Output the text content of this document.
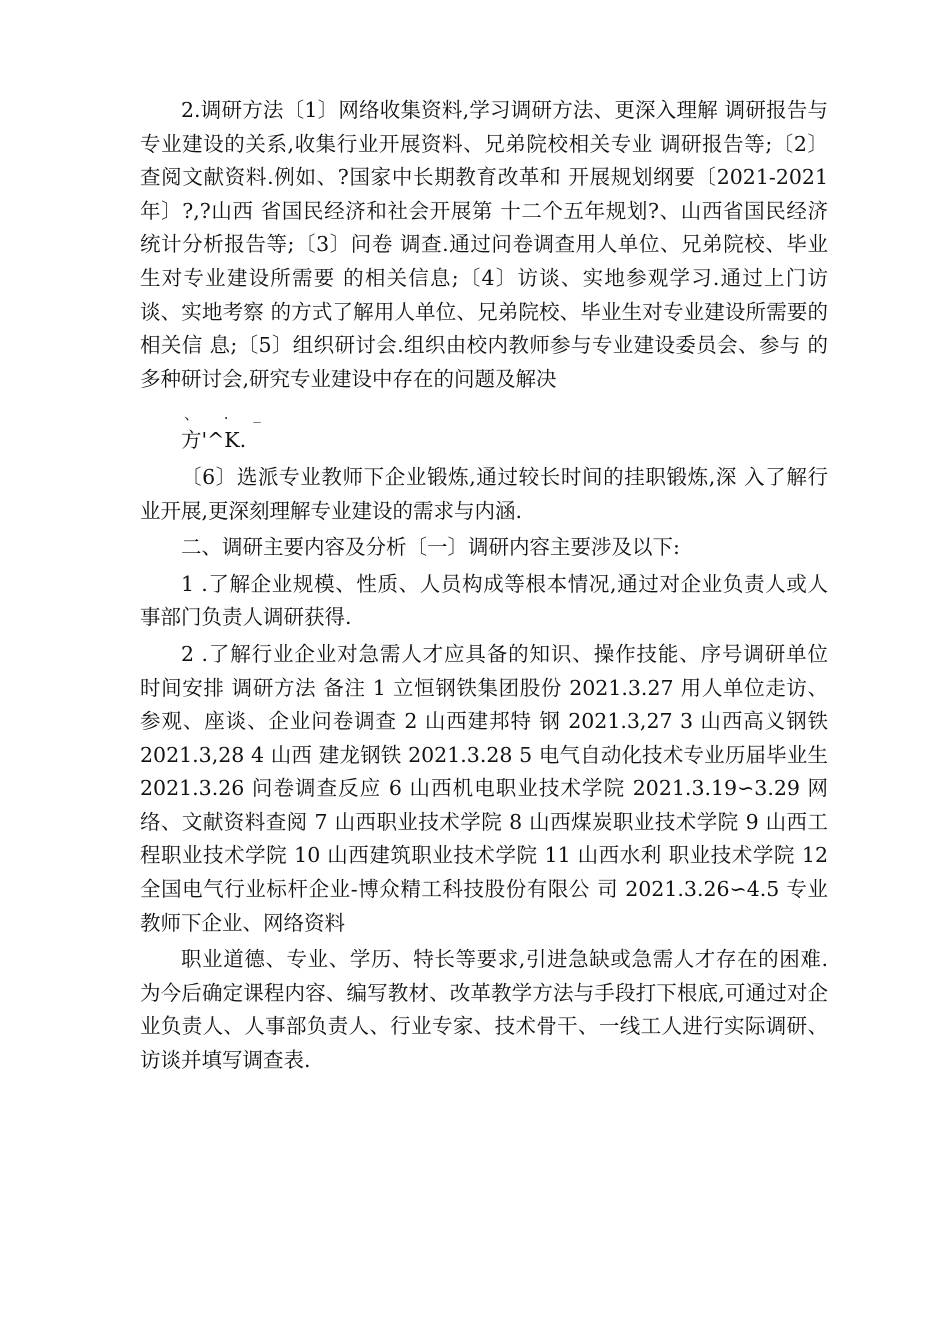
2.调研方法〔1〕网络收集资料,学习调研方法、更深入理解 调研报告与专业建设的关系,收集行业开展资料、兄弟院校相关专业 调研报告等;〔2〕查阅文献资料.例如、?国家中长期教育改革和 开展规划纲要〔2021-2021年〕?,?山西 省国民经济和社会开展第 十二个五年规划?、山西省国民经济统计分析报告等;〔3〕问卷 调查.通过问卷调查用人单位、兄弟院校、毕业生对专业建设所需要 的相关信息;〔4〕访谈、实地参观学习.通过上门访谈、实地考察 的方式了解用人单位、兄弟院校、毕业生对专业建设所需要的相关信 息;〔5〕组织研讨会.组织由校内教师参与专业建设委员会、参与 的多种研讨会,研究专业建设中存在的问题及解决

、 . _

方'^K.

〔6〕选派专业教师下企业锻炼,通过较长时间的挂职锻炼,深 入了解行业开展,更深刻理解专业建设的需求与内涵.

二、调研主要内容及分析〔一〕调研内容主要涉及以下:

1 .了解企业规模、性质、人员构成等根本情况,通过对企业负责人或人事部门负责人调研获得.

2 .了解行业企业对急需人才应具备的知识、操作技能、序号调研单位 时间安排 调研方法 备注 1 立恒钢铁集团股份 2021.3.27 用人单位走访、参观、座谈、企业问卷调查 2 山西建邦特 钢 2021.3,27 3 山西高义钢铁 2021.3,28 4 山西 建龙钢铁 2021.3.28 5 电气自动化技术专业历届毕业生 2021.3.26 问卷调查反应 6 山西机电职业技术学院 2021.3.19∽3.29 网络、文献资料查阅 7 山西职业技术学院 8 山西煤炭职业技术学院 9 山西工程职业技术学院 10 山西建筑职业技术学院 11 山西水利 职业技术学院 12 全国电气行业标杆企业-博众精工科技股份有限公 司 2021.3.26∽4.5 专业教师下企业、网络资料

职业道德、专业、学历、特长等要求,引进急缺或急需人才存在的困难.为今后确定课程内容、编写教材、改革教学方法与手段打下根底,可通过对企业负责人、人事部负责人、行业专家、技术骨干、一线工人进行实际调研、访谈并填写调查表.
